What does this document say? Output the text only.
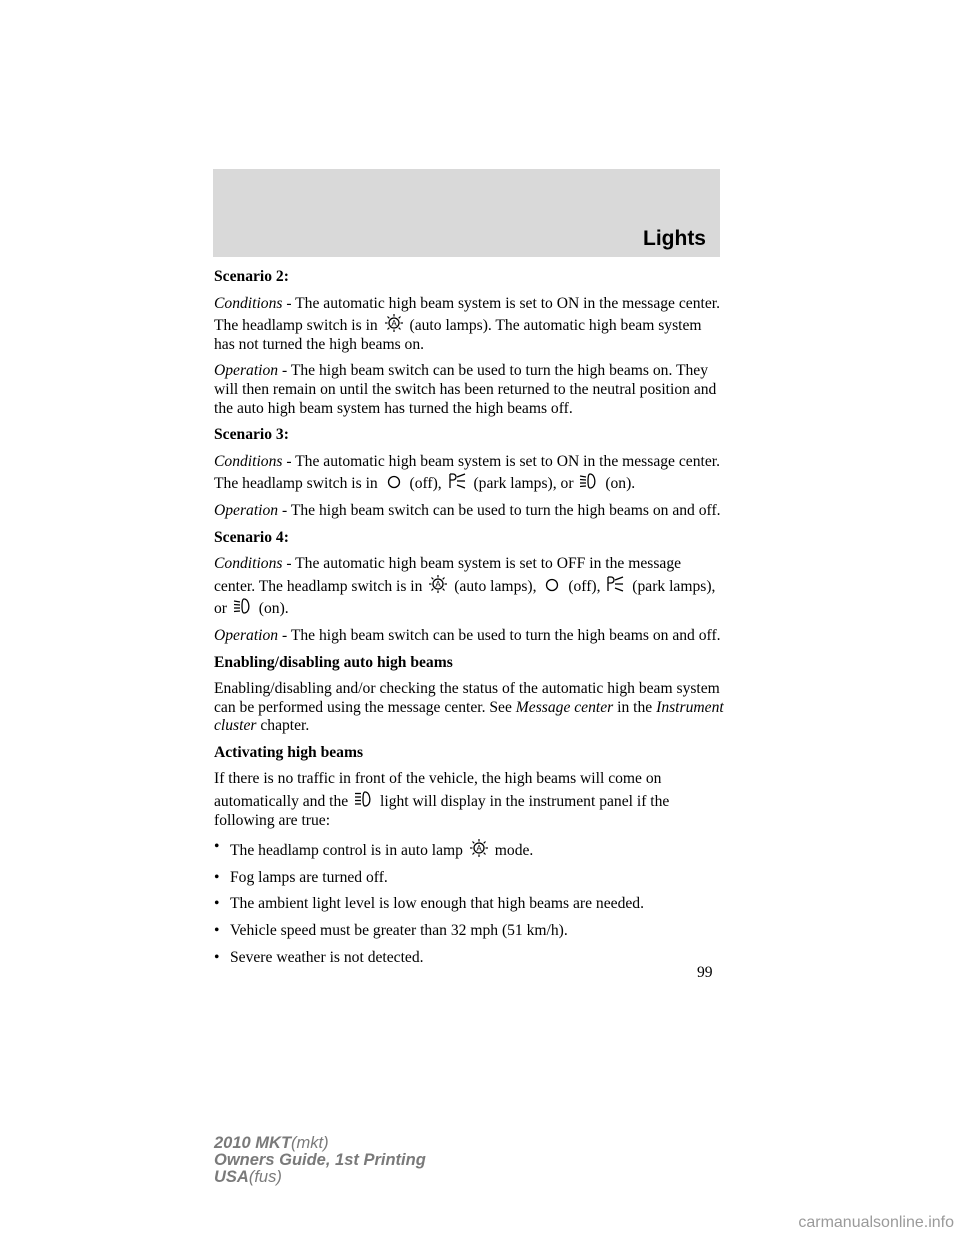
Lights

Scenario 2:

Conditions - The automatic high beam system is set to ON in the message center. The headlamp switch is in A (auto lamps). The automatic high beam system has not turned the high beams on.

Operation - The high beam switch can be used to turn the high beams on. They will then remain on until the switch has been returned to the neutral position and the auto high beam system has turned the high beams off.

Scenario 3:

Conditions - The automatic high beam system is set to ON in the message center. The headlamp switch is in
(off),
(park lamps), or
(on).

Operation - The high beam switch can be used to turn the high beams on and off.

Scenario 4:

Conditions - The automatic high beam system is set to OFF in the message center. The headlamp switch is in A (auto lamps),
(off),
(park lamps), or
(on).

Operation - The high beam switch can be used to turn the high beams on and off.

Enabling/disabling auto high beams

Enabling/disabling and/or checking the status of the automatic high beam system can be performed using the message center. See Message center in the Instrument cluster chapter.

Activating high beams

If there is no traffic in front of the vehicle, the high beams will come on automatically and the
light will display in the instrument panel if the following are true:

• The headlamp control is in auto lamp A mode.

• Fog lamps are turned off.

• The ambient light level is low enough that high beams are needed.

• Vehicle speed must be greater than 32 mph (51 km/h).

• Severe weather is not detected.

99
2010 MKT(mkt)
Owners Guide, 1st Printing
USA(fus)
carmanualsonline.info
